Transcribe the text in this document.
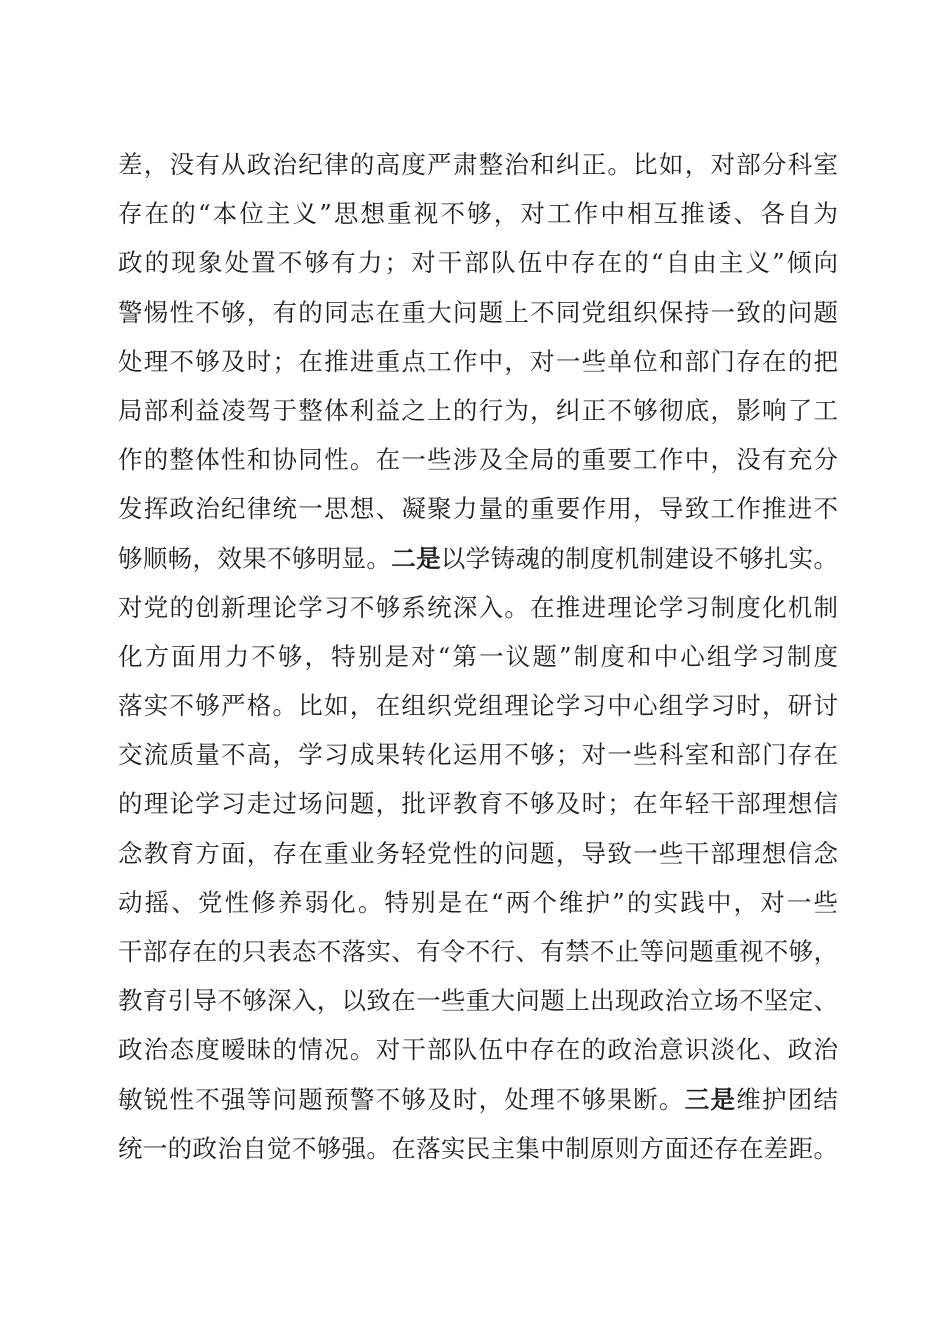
差，没有从政治纪律的高度严肃整治和纠正。比如，对部分科室
存在的“本位主义”思想重视不够，对工作中相互推诿、各自为
政的现象处置不够有力；对干部队伍中存在的“自由主义”倾向
警惕性不够，有的同志在重大问题上不同党组织保持一致的问题
处理不够及时；在推进重点工作中，对一些单位和部门存在的把
局部利益凌驾于整体利益之上的行为，纠正不够彻底，影响了工
作的整体性和协同性。在一些涉及全局的重要工作中，没有充分
发挥政治纪律统一思想、凝聚力量的重要作用，导致工作推进不
够顺畅，效果不够明显。二是以学铸魂的制度机制建设不够扎实。
对党的创新理论学习不够系统深入。在推进理论学习制度化机制
化方面用力不够，特别是对“第一议题”制度和中心组学习制度
落实不够严格。比如，在组织党组理论学习中心组学习时，研讨
交流质量不高，学习成果转化运用不够；对一些科室和部门存在
的理论学习走过场问题，批评教育不够及时；在年轻干部理想信
念教育方面，存在重业务轻党性的问题，导致一些干部理想信念
动摇、党性修养弱化。特别是在“两个维护”的实践中，对一些
干部存在的只表态不落实、有令不行、有禁不止等问题重视不够，
教育引导不够深入，以致在一些重大问题上出现政治立场不坚定、
政治态度暧昧的情况。对干部队伍中存在的政治意识淡化、政治
敏锐性不强等问题预警不够及时，处理不够果断。三是维护团结
统一的政治自觉不够强。在落实民主集中制原则方面还存在差距。
